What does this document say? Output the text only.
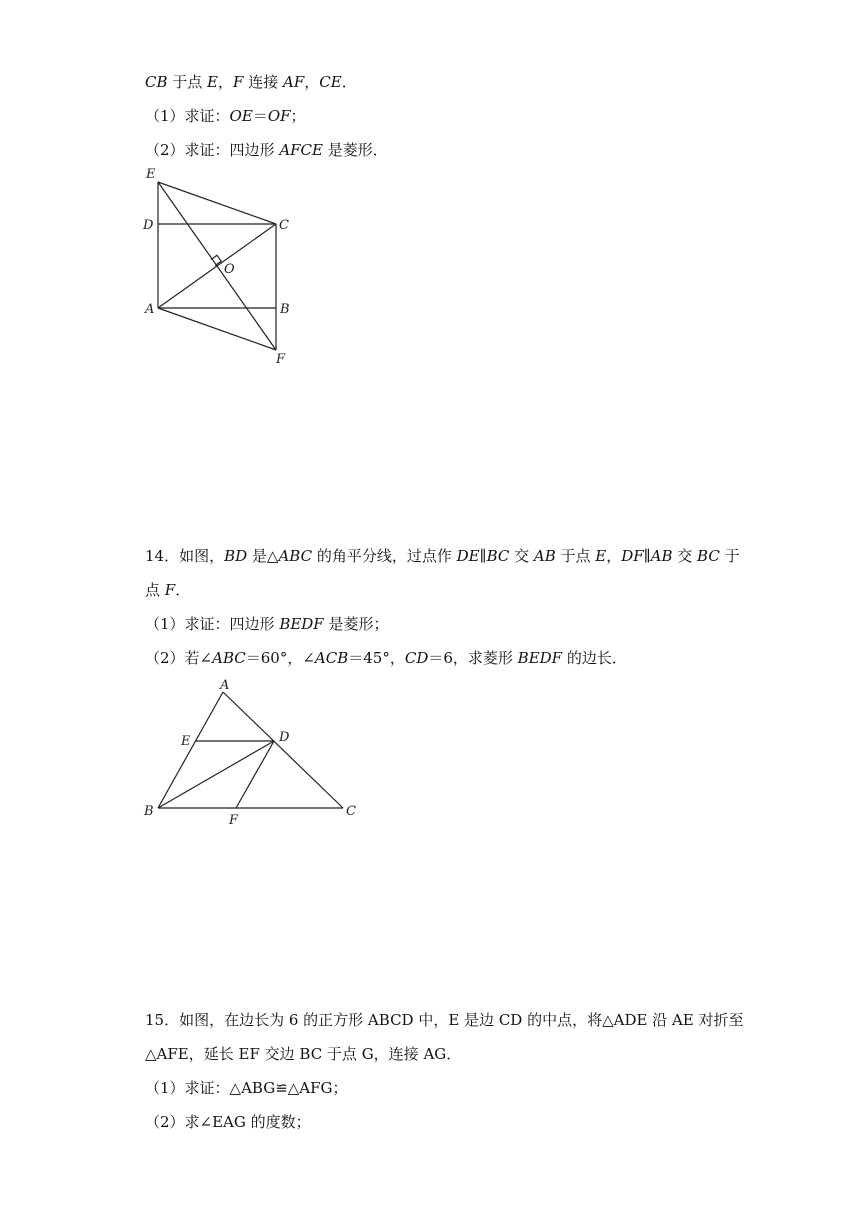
CB 于点 E，F 连接 AF，CE．
（1）求证：OE＝OF；
（2）求证：四边形 AFCE 是菱形．
E
D	C
O
A	B
F
14．如图，BD 是△ABC 的角平分线，过点作 DE∥BC 交 AB 于点 E，DF∥AB 交 BC 于
点 F．
（1）求证：四边形 BEDF 是菱形；
（2）若∠ABC＝60°，∠ACB＝45°，CD＝6，求菱形 BEDF 的边长．
A
E	D
B
F
C
15．如图，在边长为 6 的正方形 ABCD 中，E 是边 CD 的中点，将△ADE 沿 AE 对折至
△AFE，延长 EF 交边 BC 于点 G，连接 AG．
（1）求证：△ABG≌△AFG；
（2）求∠EAG 的度数；
